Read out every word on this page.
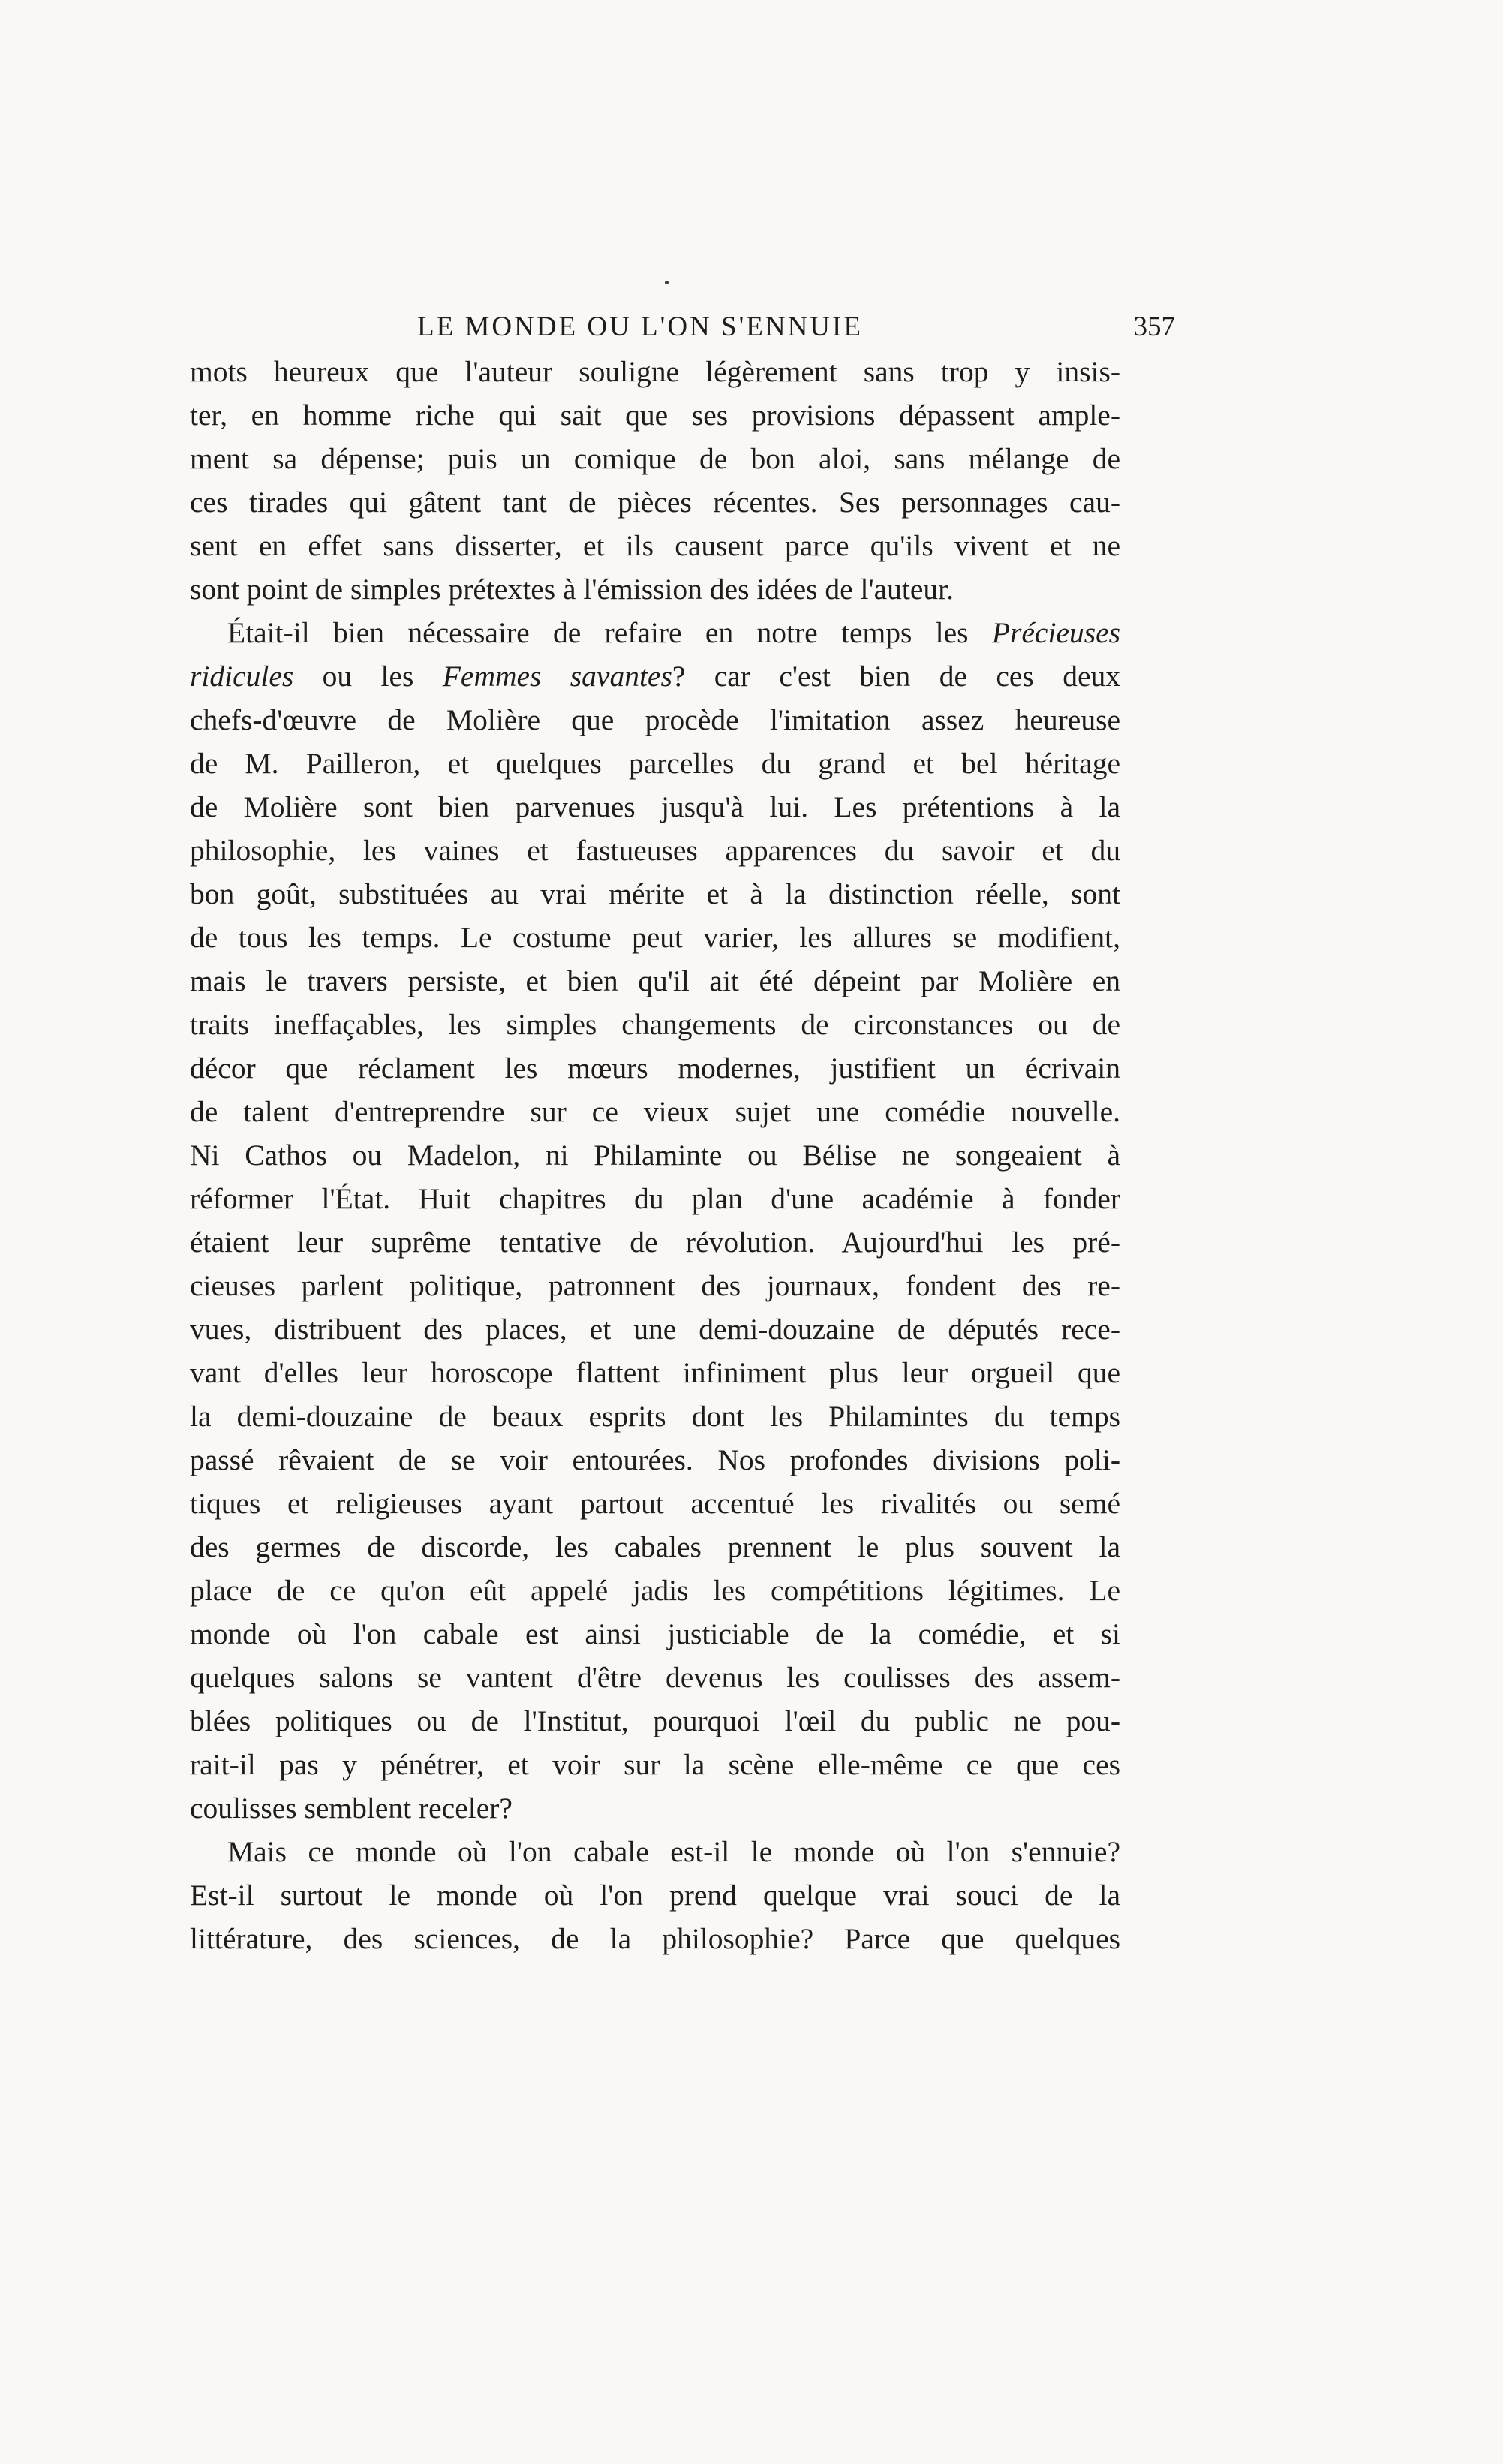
LE MONDE OU L'ON S'ENNUIE	357
mots heureux que l'auteur souligne légèrement sans trop y insis-
ter, en homme riche qui sait que ses provisions dépassent ample-
ment sa dépense; puis un comique de bon aloi, sans mélange de
ces tirades qui gâtent tant de pièces récentes. Ses personnages cau-
sent en effet sans disserter, et ils causent parce qu'ils vivent et ne
sont point de simples prétextes à l'émission des idées de l'auteur.
Était-il bien nécessaire de refaire en notre temps les Précieuses
ridicules ou les Femmes savantes? car c'est bien de ces deux
chefs-d'œuvre de Molière que procède l'imitation assez heureuse
de M. Pailleron, et quelques parcelles du grand et bel héritage
de Molière sont bien parvenues jusqu'à lui. Les prétentions à la
philosophie, les vaines et fastueuses apparences du savoir et du
bon goût, substituées au vrai mérite et à la distinction réelle, sont
de tous les temps. Le costume peut varier, les allures se modifient,
mais le travers persiste, et bien qu'il ait été dépeint par Molière en
traits ineffaçables, les simples changements de circonstances ou de
décor que réclament les mœurs modernes, justifient un écrivain
de talent d'entreprendre sur ce vieux sujet une comédie nouvelle.
Ni Cathos ou Madelon, ni Philaminte ou Bélise ne songeaient à
réformer l'État. Huit chapitres du plan d'une académie à fonder
étaient leur suprême tentative de révolution. Aujourd'hui les pré-
cieuses parlent politique, patronnent des journaux, fondent des re-
vues, distribuent des places, et une demi-douzaine de députés rece-
vant d'elles leur horoscope flattent infiniment plus leur orgueil que
la demi-douzaine de beaux esprits dont les Philamintes du temps
passé rêvaient de se voir entourées. Nos profondes divisions poli-
tiques et religieuses ayant partout accentué les rivalités ou semé
des germes de discorde, les cabales prennent le plus souvent la
place de ce qu'on eût appelé jadis les compétitions légitimes. Le
monde où l'on cabale est ainsi justiciable de la comédie, et si
quelques salons se vantent d'être devenus les coulisses des assem-
blées politiques ou de l'Institut, pourquoi l'œil du public ne pou-
rait-il pas y pénétrer, et voir sur la scène elle-même ce que ces
coulisses semblent receler?
Mais ce monde où l'on cabale est-il le monde où l'on s'ennuie?
Est-il surtout le monde où l'on prend quelque vrai souci de la
littérature, des sciences, de la philosophie? Parce que quelques
